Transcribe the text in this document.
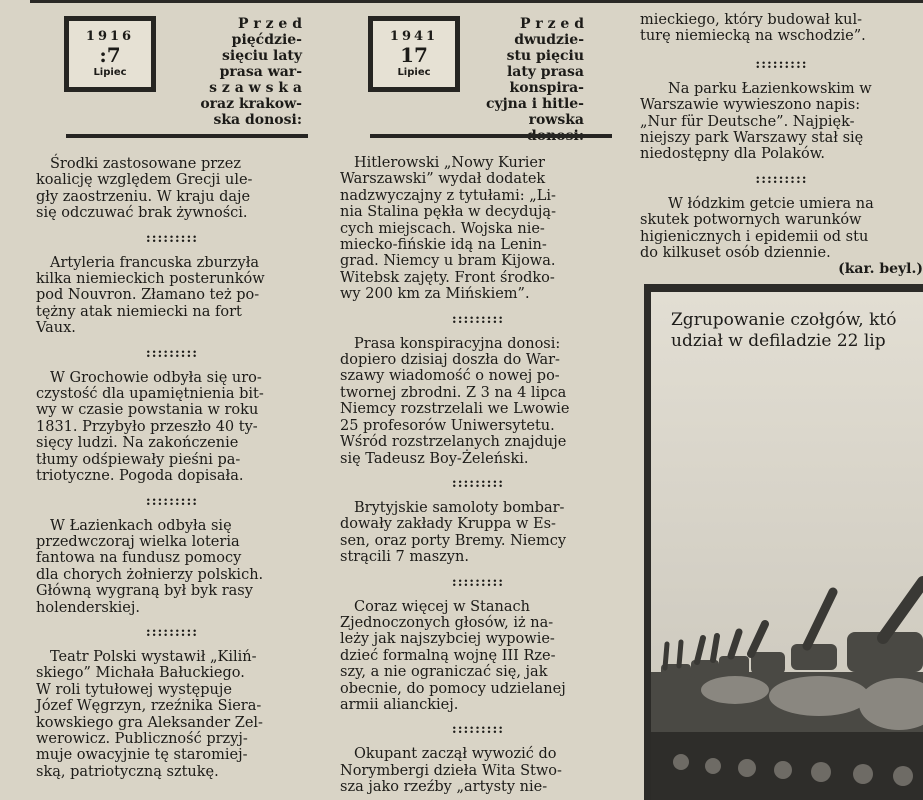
1916
:7
Lipiec
P r z e d
pięćdzie-
sięciu laty
prasa war-
s z a w s k a
oraz krakow-
ska donosi:

Środki zastosowane przez
koalicję względem Grecji ule-
gły zaostrzeniu. W kraju daje
się odczuwać brak żywności.

:::::::::

Artyleria francuska zburzyła
kilka niemieckich posterunków
pod Nouvron. Złamano też po-
tężny atak niemiecki na fort
Vaux.

:::::::::

W Grochowie odbyła się uro-
czystość dla upamiętnienia bit-
wy w czasie powstania w roku
1831. Przybyło przeszło 40 ty-
sięcy ludzi. Na zakończenie
tłumy odśpiewały pieśni pa-
triotyczne. Pogoda dopisała.

:::::::::

W Łazienkach odbyła się
przedwczoraj wielka loteria
fantowa na fundusz pomocy
dla chorych żołnierzy polskich.
Główną wygraną był byk rasy
holenderskiej.

:::::::::

Teatr Polski wystawił „Kiliń-
skiego” Michała Bałuckiego.
W roli tytułowej występuje
Józef Węgrzyn, rzeźnika Siera-
kowskiego gra Aleksander Zel-
werowicz. Publiczność przyj-
muje owacyjnie tę staromiej-
ską, patriotyczną sztukę.

1941
17
Lipiec
P r z e d
dwudzie-
stu pięciu
laty prasa
konspira-
cyjna i hitle-
rowska

Hitlerowski „Nowy Kurier
Warszawski” wydał dodatek
nadzwyczajny z tytułami: „Li-
nia Stalina pękła w decydują-
cych miejscach. Wojska nie-
miecko-fińskie idą na Lenin-
grad. Niemcy u bram Kijowa.
Witebsk zajęty. Front środko-
wy 200 km za Mińskiem”.

:::::::::

Prasa konspiracyjna donosi:
dopiero dzisiaj doszła do War-
szawy wiadomość o nowej po-
twornej zbrodni. Z 3 na 4 lipca
Niemcy rozstrzelali we Lwowie
25 profesorów Uniwersytetu.
Wśród rozstrzelanych znajduje
się Tadeusz Boy-Żeleński.

:::::::::

Brytyjskie samoloty bombar-
dowały zakłady Kruppa w Es-
sen, oraz porty Bremy. Niemcy
strącili 7 maszyn.

:::::::::

Coraz więcej w Stanach
Zjednoczonych głosów, iż na-
leży jak najszybciej wypowie-
dzieć formalną wojnę III Rze-
szy, a nie ograniczać się, jak
obecnie, do pomocy udzielanej
armii alianckiej.

:::::::::

Okupant zaczął wywozić do
Norymbergi dzieła Wita Stwo-
sza jako rzeźby „artysty nie-

mieckiego, który budował kul-
turę niemiecką na wschodzie”.

:::::::::

Na parku Łazienkowskim w
Warszawie wywieszono napis:
„Nur für Deutsche”. Najpięk-
niejszy park Warszawy stał się
niedostępny dla Polaków.

:::::::::

W łódzkim getcie umiera na
skutek potwornych warunków
higienicznych i epidemii od stu
do kilkuset osób dziennie.

(kar. beyl.)

Zgrupowanie czołgów, któ
udział w defiladzie 22 lip
